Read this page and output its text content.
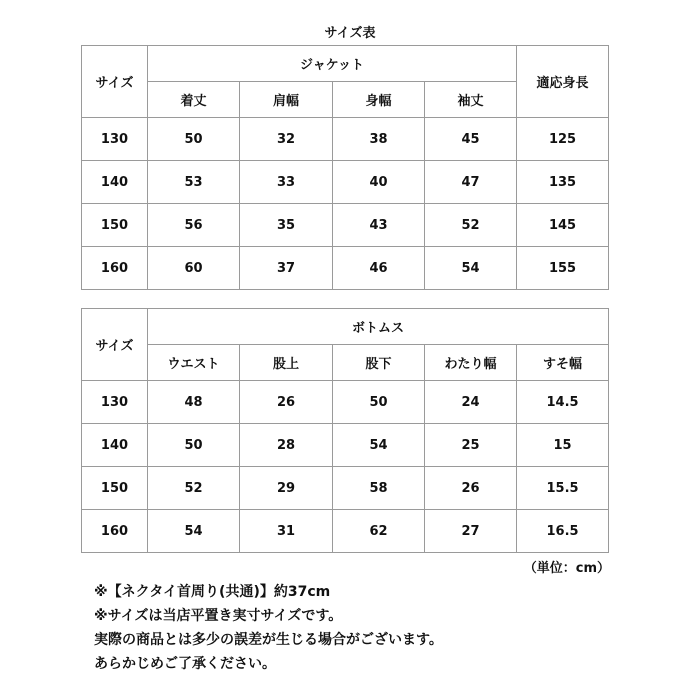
サイズ表
サイズ	ジャケット				適応身長
	着丈	肩幅	身幅	袖丈	
130	50	32	38	45	125
140	53	33	40	47	135
150	56	35	43	52	145
160	60	37	46	54	155
サイズ	ボトムス				
	ウエスト	股上	股下	わたり幅	すそ幅
130	48	26	50	24	14.5
140	50	28	54	25	15
150	52	29	58	26	15.5
160	54	31	62	27	16.5
（単位：cm）
※【ネクタイ首周り(共通)】約37cm
※サイズは当店平置き実寸サイズです。
実際の商品とは多少の誤差が生じる場合がございます。
あらかじめご了承ください。
